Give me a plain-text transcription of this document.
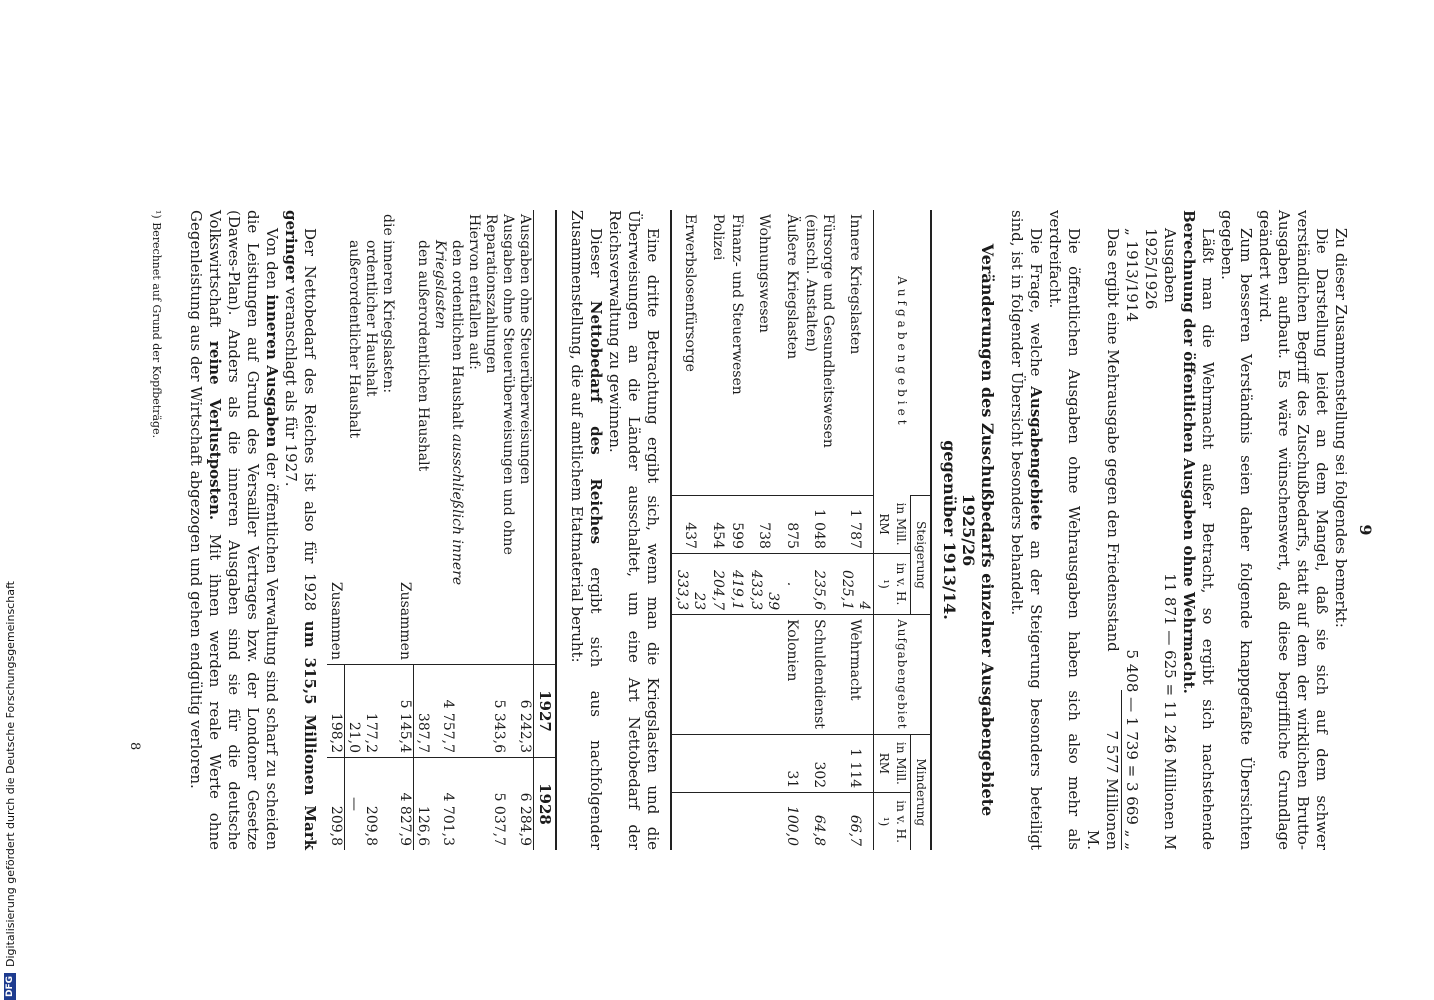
9

Zu dieser Zusammenstellung sei folgendes bemerkt:

Die Darstellung leidet an dem Mangel, daß sie sich auf dem schwer verständlichen Begriff des Zuschußbedarfs, statt auf dem der wirklichen Brutto-Ausgaben aufbaut. Es wäre wünschenswert, daß diese begriffliche Grundlage geändert wird.

Zum besseren Verständnis seien daher folgende knappgefaßte Übersichten gegeben.

Läßt man die Wehrmacht außer Betracht, so ergibt sich nachstehende Berechnung der öffentlichen Ausgaben ohne Wehrmacht.

Ausgaben 1925/1926
11 871 — 625 = 11 246 Millionen M
„ 1913/1914
5 408 — 1 739 = 3 669 „ „

Das ergibt eine Mehrausgabe gegen den Friedensstand
7 577 Millionen M.

Die öffentlichen Ausgaben ohne Wehrausgaben haben sich also mehr als verdreifacht.

Die Frage, welche Ausgabengebiete an der Steigerung besonders beteiligt sind, ist in folgender Übersicht besonders behandelt.

Veränderungen des Zuschußbedarfs einzelner Ausgabengebiete 1925/26
gegenüber 1913/14.
Aufgabengebiet	Steigerung		Aufgabengebiet	Minderung	
	in Mill. RM	in v. H. ¹)		in Mill. RM	in v. H. ¹)
Innere Kriegslasten	1 787	4 025,1	Wehrmacht	1 114	66,7
Fürsorge und Gesundheitswesen (einschl. Anstalten)	1 048	235,6	Schuldendienst	302	64,8
Äußere Kriegslasten	875	.	Kolonien	31	100,0
Wohnungswesen	738	39 433,3			
Finanz- und Steuerwesen	599	419,1			
Polizei	454	204,7			
Erwerbslosenfürsorge	437	23 333,3			

Eine dritte Betrachtung ergibt sich, wenn man die Kriegslasten und die Überweisungen an die Länder ausschaltet, um eine Art Nettobedarf der Reichsverwaltung zu gewinnen.

Dieser Nettobedarf des Reiches ergibt sich aus nachfolgender Zusammenstellung, die auf amtlichem Etatmaterial beruht:

	1927	1928
Ausgaben ohne Steuerüberweisungen	6 242,3	6 284,9
Ausgaben ohne Steuerüberweisungen und ohne Reparationszahlungen	5 343,6	5 037,7
Hiervon entfallen auf:		
den ordentlichen Haushalt ausschließlich innere Kriegslasten	4 757,7	4 701,3
den außerordentlichen Haushalt	387,7	126,6
Zusammen	5 145,4	4 827,9
die inneren Kriegslasten:		
ordentlicher Haushalt	177,2	209,8
außerordentlicher Haushalt	21,0	—
Zusammen	198,2	209,8

Der Nettobedarf des Reiches ist also für 1928 um 315,5 Millionen Mark geringer veranschlagt als für 1927.

Von den inneren Ausgaben der öffentlichen Verwaltung sind scharf zu scheiden die Leistungen auf Grund des Versailler Vertrages bzw. der Londoner Gesetze (Dawes-Plan). Anders als die inneren Ausgaben sind sie für die deutsche Volkswirtschaft reine Verlustposten. Mit ihnen werden reale Werte ohne Gegenleistung aus der Wirtschaft abgezogen und gehen endgültig verloren.

¹) Berechnet auf Grund der Kopfbeträge.
8
DFG
Digitalisierung gefördert durch die Deutsche Forschungsgemeinschaft
